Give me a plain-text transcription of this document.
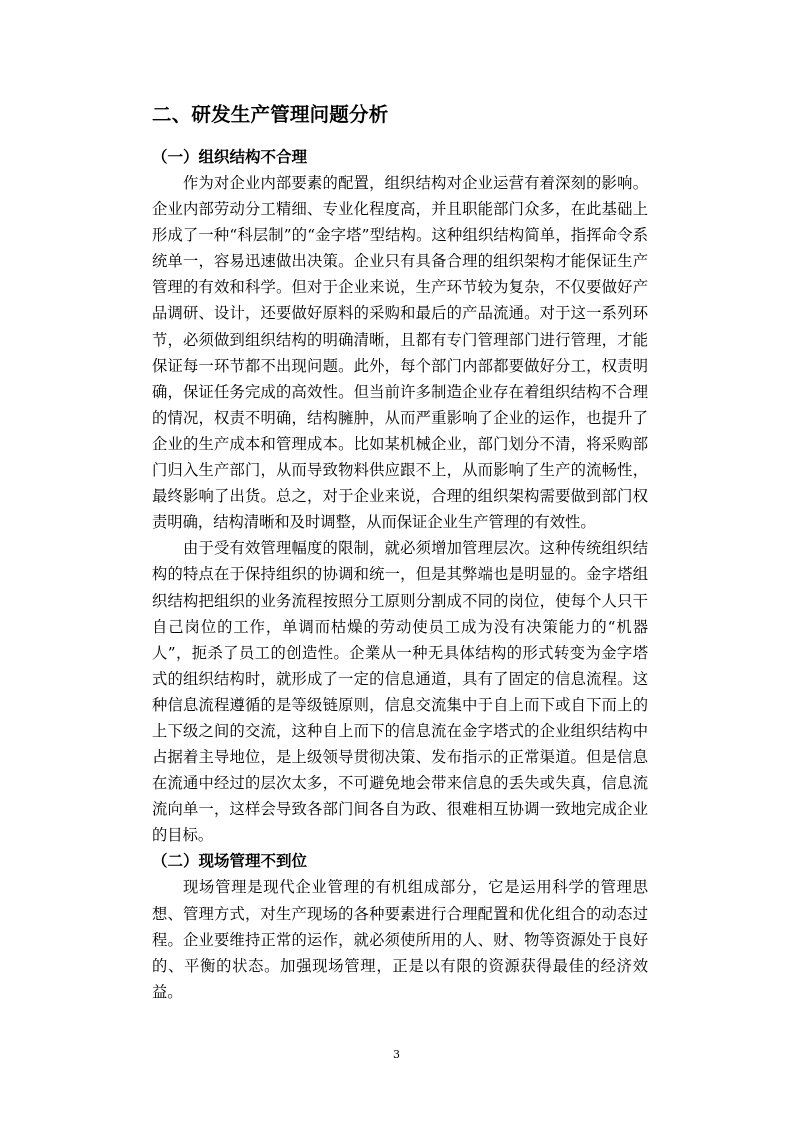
二、研发生产管理问题分析
（一）组织结构不合理

作为对企业内部要素的配置，组织结构对企业运营有着深刻的影响。企业内部劳动分工精细、专业化程度高，并且职能部门众多，在此基础上形成了一种“科层制”的“金字塔”型结构。这种组织结构简单，指挥命令系统单一，容易迅速做出决策。企业只有具备合理的组织架构才能保证生产管理的有效和科学。但对于企业来说，生产环节较为复杂，不仅要做好产品调研、设计，还要做好原料的采购和最后的产品流通。对于这一系列环节，必须做到组织结构的明确清晰，且都有专门管理部门进行管理，才能保证每一环节都不出现问题。此外，每个部门内部都要做好分工，权责明确，保证任务完成的高效性。但当前许多制造企业存在着组织结构不合理的情况，权责不明确，结构臃肿，从而严重影响了企业的运作，也提升了企业的生产成本和管理成本。比如某机械企业，部门划分不清，将采购部门归入生产部门，从而导致物料供应跟不上，从而影响了生产的流畅性，最终影响了出货。总之，对于企业来说，合理的组织架构需要做到部门权责明确，结构清晰和及时调整，从而保证企业生产管理的有效性。

由于受有效管理幅度的限制，就必须增加管理层次。这种传统组织结构的特点在于保持组织的协调和统一，但是其弊端也是明显的。金字塔组织结构把组织的业务流程按照分工原则分割成不同的岗位，使每个人只干自己岗位的工作，单调而枯燥的劳动使员工成为没有决策能力的“机器人”，扼杀了员工的创造性。企業从一种无具体结构的形式转变为金字塔式的组织结构时，就形成了一定的信息通道，具有了固定的信息流程。这种信息流程遵循的是等级链原则，信息交流集中于自上而下或自下而上的上下级之间的交流，这种自上而下的信息流在金字塔式的企业组织结构中占据着主导地位，是上级领导贯彻决策、发布指示的正常渠道。但是信息在流通中经过的层次太多，不可避免地会带来信息的丢失或失真，信息流流向单一，这样会导致各部门间各自为政、很难相互协调一致地完成企业的目标。

（二）现场管理不到位

现场管理是现代企业管理的有机组成部分，它是运用科学的管理思想、管理方式，对生产现场的各种要素进行合理配置和优化组合的动态过程。企业要维持正常的运作，就必须使所用的人、财、物等资源处于良好的、平衡的状态。加强现场管理，正是以有限的资源获得最佳的经济效益。

3
